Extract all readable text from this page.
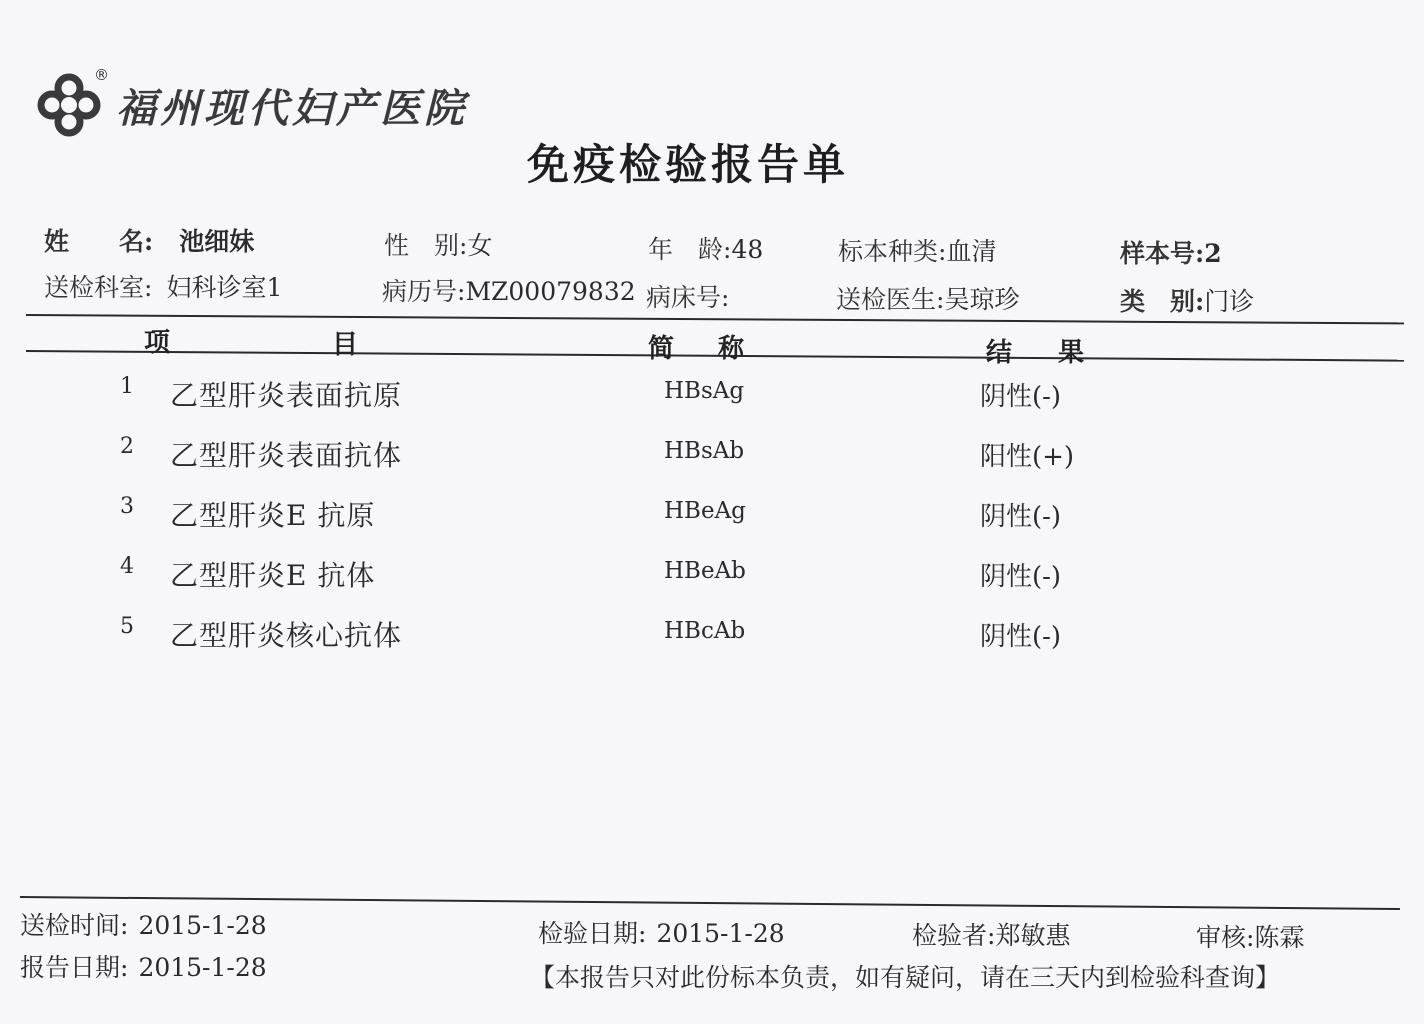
®
福州现代妇产医院
免疫检验报告单
姓　　名: 池细妹	性　别:女	年　龄:48	标本种类:血清	样本号:2
送检科室: 妇科诊室1	病历号:MZ00079832 病床号:	送检医生:吴琼珍	类　别:门诊
项	目	简 称	结 果
1 乙型肝炎表面抗原	HBsAg	阴性(-)
2 乙型肝炎表面抗体	HBsAb	阳性(+)
3 乙型肝炎E 抗原	HBeAg	阴性(-)
4 乙型肝炎E 抗体	HBeAb	阴性(-)
5 乙型肝炎核心抗体	HBcAb	阴性(-)
送检时间: 2015-1-28
报告日期: 2015-1-28
检验日期: 2015-1-28	检验者:郑敏惠	审核:陈霖
【本报告只对此份标本负责，如有疑问，请在三天内到检验科查询】
